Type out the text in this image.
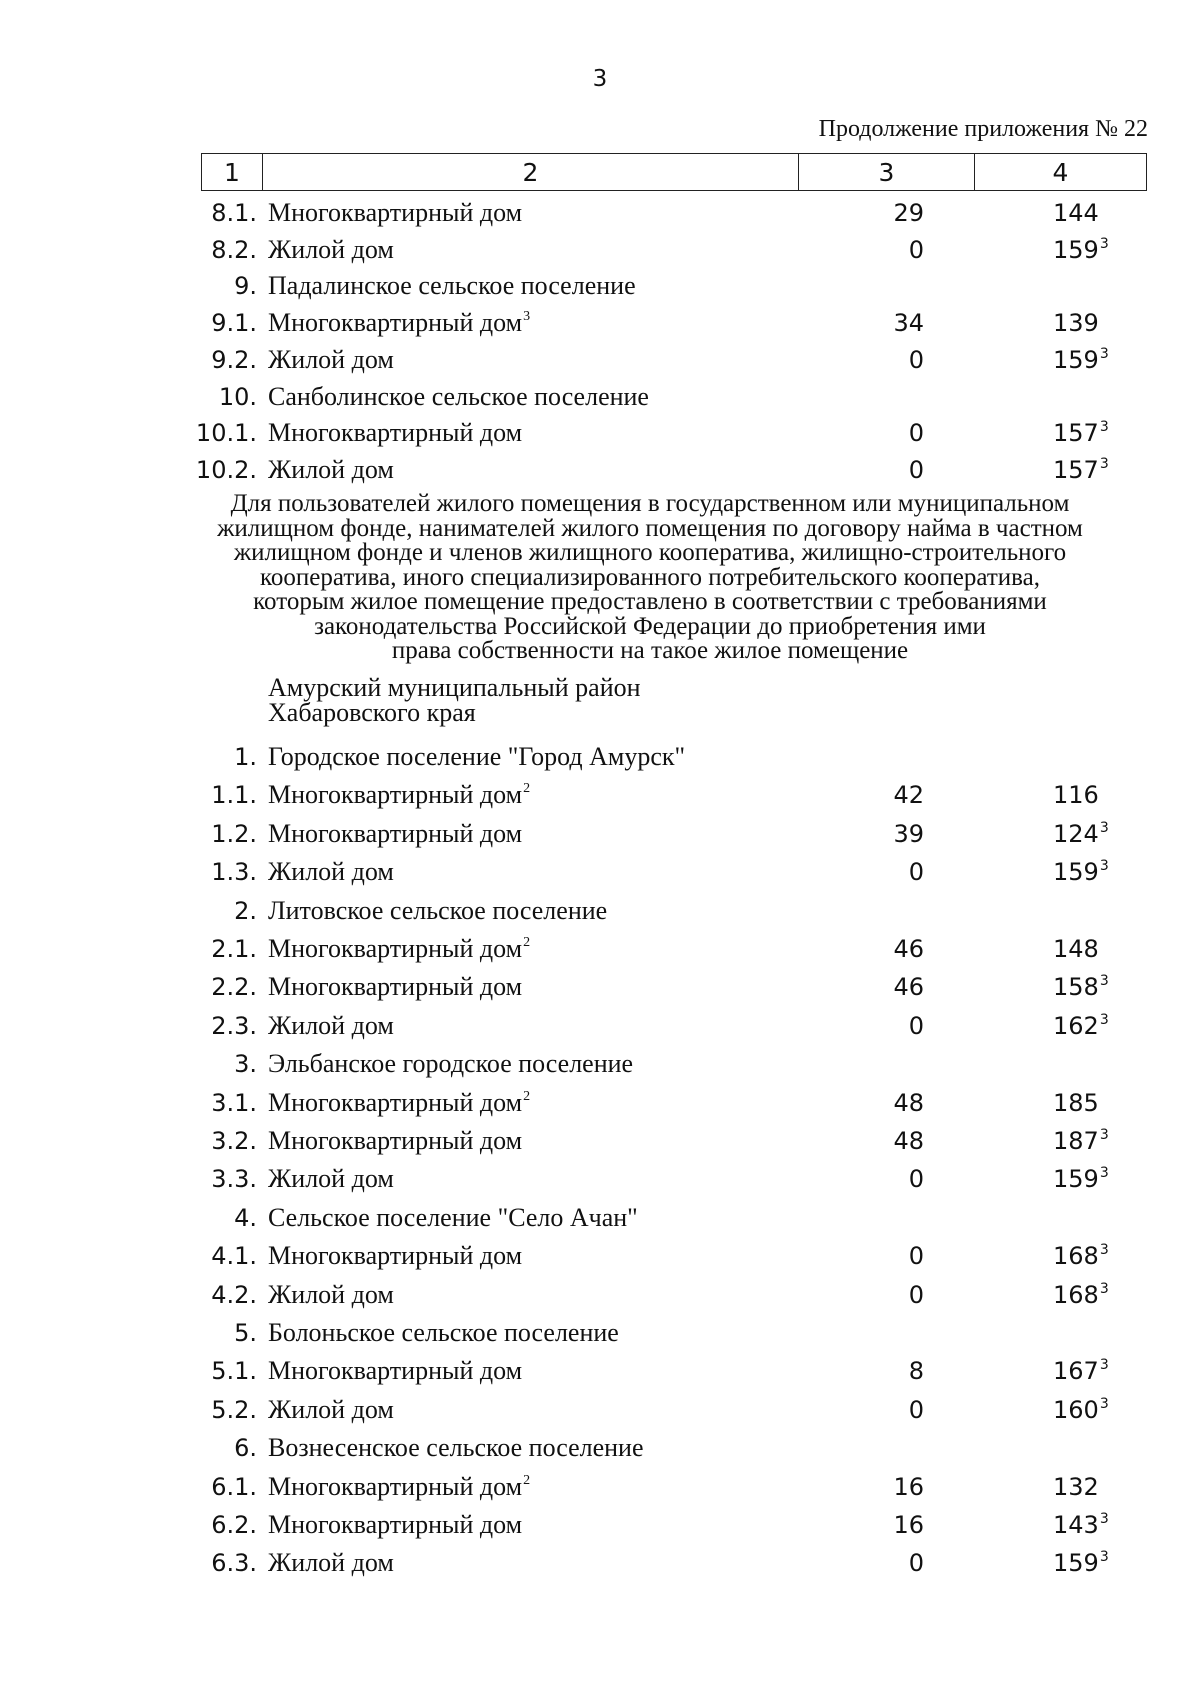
3
Продолжение приложения № 22
1	2	3	4
8.1. Многоквартирный дом	29	144
8.2. Жилой дом	0	$159^3$
9. Падалинское сельское поселение
9.1. Многоквартирный дом$^3$	34	139
9.2. Жилой дом	0	$159^3$
10. Санболинское сельское поселение
10.1. Многоквартирный дом	0	$157^3$
10.2. Жилой дом	0	$157^3$
Для пользователей жилого помещения в государственном или муниципальном
жилищном фонде, нанимателей жилого помещения по договору найма в частном
жилищном фонде и членов жилищного кооператива, жилищно-строительного
кооператива, иного специализированного потребительского кооператива,
которым жилое помещение предоставлено в соответствии с требованиями
законодательства Российской Федерации до приобретения ими
права собственности на такое жилое помещение
Амурский муниципальный район
Хабаровского края
1. Городское поселение "Город Амурск"
1.1. Многоквартирный дом$^2$	42	116
1.2. Многоквартирный дом	39	$124^3$
1.3. Жилой дом	0	$159^3$
2. Литовское сельское поселение
2.1. Многоквартирный дом$^2$	46	148
2.2. Многоквартирный дом	46	$158^3$
2.3. Жилой дом	0	$162^3$
3. Эльбанское городское поселение
3.1. Многоквартирный дом$^2$	48	185
3.2. Многоквартирный дом	48	$187^3$
3.3. Жилой дом	0	$159^3$
4. Сельское поселение "Село Ачан"
4.1. Многоквартирный дом	0	$168^3$
4.2. Жилой дом	0	$168^3$
5. Болоньское сельское поселение
5.1. Многоквартирный дом	8	$167^3$
5.2. Жилой дом	0	$160^3$
6. Вознесенское сельское поселение
6.1. Многоквартирный дом$^2$	16	132
6.2. Многоквартирный дом	16	$143^3$
6.3. Жилой дом	0	$159^3$
